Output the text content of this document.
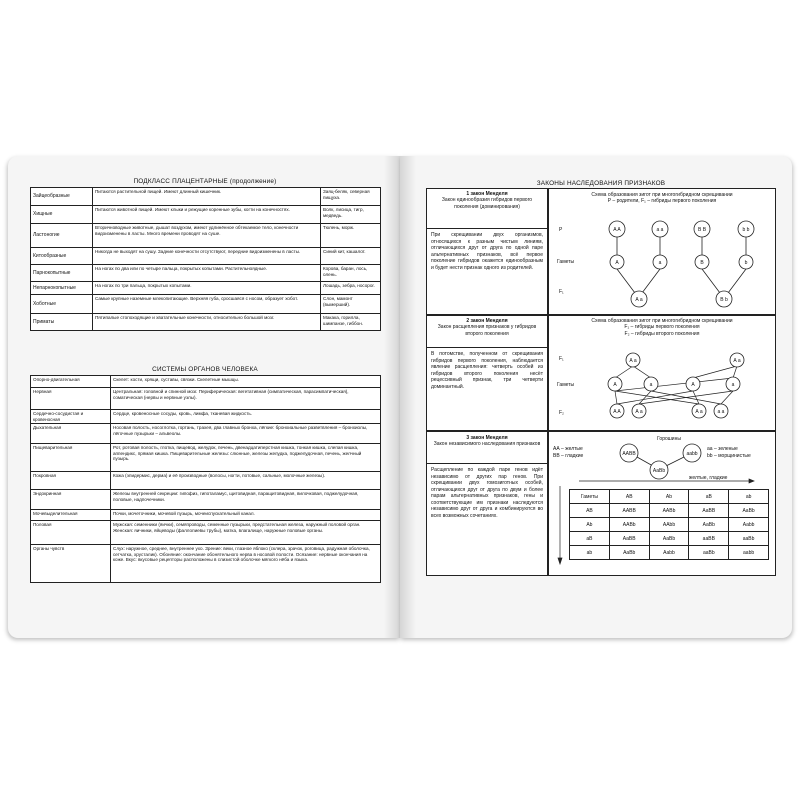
ПОДКЛАСС ПЛАЦЕНТАРНЫЕ (продолжение)
Зайцеобразные	Питаются растительной пищей. Имеют длинный кишечник.	Заяц-беляк, северная пищуха.
Хищные	Питаются животной пищей. Имеют клыки и режущие коренные зубы, когти на конечностях.	Волк, лисица, тигр, медведь.
Ластоногие	Вторичноводные животные, дышат воздухом, имеют удлинённое обтекаемое тело, конечности видоизменены в ласты. Много времени проводят на суше.	Тюлень, морж.
Китообразные	Никогда не выходят на сушу. Задние конечности отсутствуют, передние видоизменены в ласты.	Синий кит, кашалот.
Парнокопытные	На ногах по два или по четыре пальца, покрытых копытами. Растительноядные.	Корова, баран, лось, олень.
Непарнокопытные	На ногах по три пальца, покрытых копытами.	Лошадь, зебра, носорог.
Хоботные	Самые крупные наземные млекопитающие. Верхняя губа, сросшаяся с носом, образует хобот.	Слон, мамонт (вымерший).
Приматы	Пятипалые стопоходящие и хватательные конечности, относительно большой мозг.	Макака, горилла, шимпанзе, гиббон.
СИСТЕМЫ ОРГАНОВ ЧЕЛОВЕКА
Опорно-двигательная	Скелет: кости, хрящи, суставы, связки. Скелетные мышцы.
Нервная	Центральная: головной и спинной мозг. Периферическая: вегетативная (симпатическая, парасимпатическая), соматическая (нервы и нервные узлы).
Сердечно-сосудистая и кровеносная	Сердце, кровеносные сосуды, кровь, лимфа, тканевая жидкость.
Дыхательная	Носовая полость, носоглотка, гортань, трахея, два главных бронха, лёгкие: бронхиальные разветвления – бронхиолы, лёгочные пузырьки – альвеолы.
Пищеварительная	Рот, ротовая полость, глотка, пищевод, желудок, печень, двенадцатиперстная кишка, тонкая кишка, слепая кишка, аппендикс, прямая кишка. Пищеварительные железы: слюнные, железы желудка, поджелудочная, печень, желчный пузырь.
Покровная	Кожа (эпидермис, дерма) и её производные (волосы, ногти, потовые, сальные, молочные железы).
Эндокринная	Железы внутренней секреции: гипофиз, гипоталамус, щитовидная, паращитовидная, вилочковая, поджелудочная, половые, надпочечники.
Мочевыделительная	Почки, мочеточники, мочевой пузырь, мочеиспускательный канал.
Половая	Мужская: семенники (яички), семяпроводы, семенные пузырьки, предстательная железа, наружный половой орган. Женская: яичники, яйцеводы (фаллопиевы трубы), матка, влагалище, наружные половые органы.
Органы чувств	Слух: наружное, среднее, внутреннее ухо. Зрение: веки, глазное яблоко (склера, зрачок, роговица, радужная оболочка, сетчатка, хрусталик). Обоняние: окончание обонятельного нерва в носовой полости. Осязание: нервные окончания на коже. Вкус: вкусовые рецепторы расположены в слизистой оболочке мягкого нёба и языка.
ЗАКОНЫ НАСЛЕДОВАНИЯ ПРИЗНАКОВ
1 закон Менделя
Закон единообразия гибридов первого поколения (доминирования)
При скрещивании двух организмов, относящихся к разным чистым линиям, отличающихся друг от друга по одной паре альтернативных признаков, всё первое поколение гибридов окажется единообразным и будет нести признак одного из родителей.
Схема образования зигот при многогибридном скрещивании
P – родители, F₁ – гибриды первого поколения
P
Гаметы
F₁
A A	a a
A	a
A a
B B	b b
B	b
B b
2 закон Менделя
Закон расщепления признаков у гибридов второго поколения
В потомстве, полученном от скрещивания гибридов первого поколения, наблюдается явление расщепления: четверть особей из гибридов второго поколения несёт рецессивный признак, три четверти доминантный.
Схема образования зигот при многогибридном скрещивании
F₁ – гибриды первого поколения
F₂ – гибриды второго поколения
F₁
Гаметы
F₂
A a	A a
A	a	A	a
A A	A a	A a	a a
3 закон Менделя
Закон независимого наследования признаков
Расщепление по каждой паре генов идёт независимо от других пар генов. При скрещивании двух гомозиготных особей, отличающихся друг от друга по двум и более парам альтернативных признаков, гены и соответствующие им признаки наследуются независимо друг от друга и комбинируются во всех возможных сочетаниях.
Горошины
АА – желтые
ВВ – гладкие
аа – зеленые
bb – морщинистые
AABB	aabb
AaBb
желтые, гладкие
Гаметы	AB	Ab	aB	ab
AB	AABB	AABb	AaBB	AaBb
Ab	AABb	AAbb	AaBb	Aabb
aB	AaBB	AaBb	aaBB	aaBb
ab	AaBb	Aabb	aaBb	aabb
